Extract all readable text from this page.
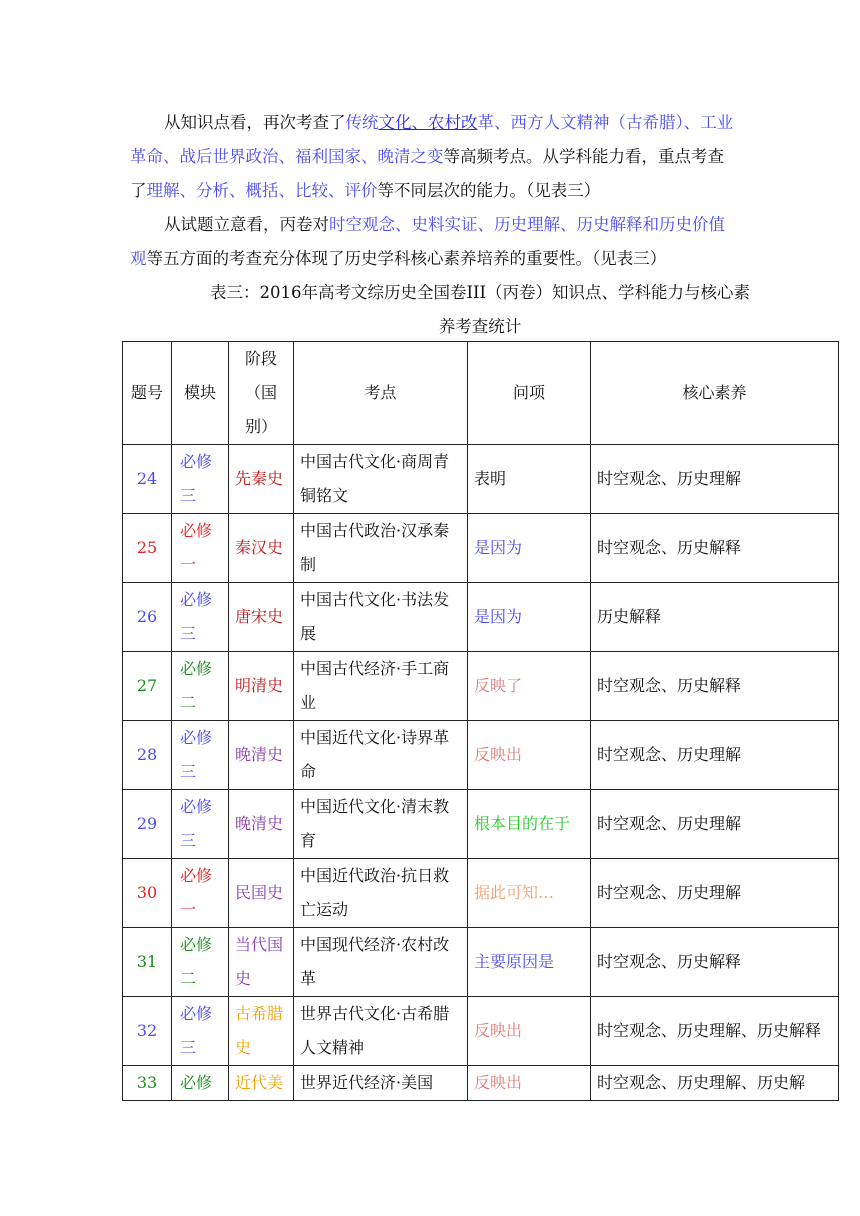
从知识点看，再次考查了传统文化、农村改革、西方人文精神（古希腊）、工业革命、战后世界政治、福利国家、晚清之变等高频考点。从学科能力看，重点考查了理解、分析、概括、比较、评价等不同层次的能力。（见表三）

从试题立意看，丙卷对时空观念、史料实证、历史理解、历史解释和历史价值观等五方面的考查充分体现了历史学科核心素养培养的重要性。（见表三）

表三：2016年高考文综历史全国卷III（丙卷）知识点、学科能力与核心素
养考查统计
题号	模块	阶段（国别）	考点	问项	核心素养
24	必修三	先秦史	中国古代文化·商周青铜铭文	表明	时空观念、历史理解
25	必修一	秦汉史	中国古代政治·汉承秦制	是因为	时空观念、历史解释
26	必修三	唐宋史	中国古代文化·书法发展	是因为	历史解释
27	必修二	明清史	中国古代经济·手工商业	反映了	时空观念、历史解释
28	必修三	晚清史	中国近代文化·诗界革命	反映出	时空观念、历史理解
29	必修三	晚清史	中国近代文化·清末教育	根本目的在于	时空观念、历史理解
30	必修一	民国史	中国近代政治·抗日救亡运动	据此可知…	时空观念、历史理解
31	必修二	当代国史	中国现代经济·农村改革	主要原因是	时空观念、历史解释
32	必修三	古希腊史	世界古代文化·古希腊人文精神	反映出	时空观念、历史理解、历史解释
33	必修	近代美	世界近代经济·美国	反映出	时空观念、历史理解、历史解
